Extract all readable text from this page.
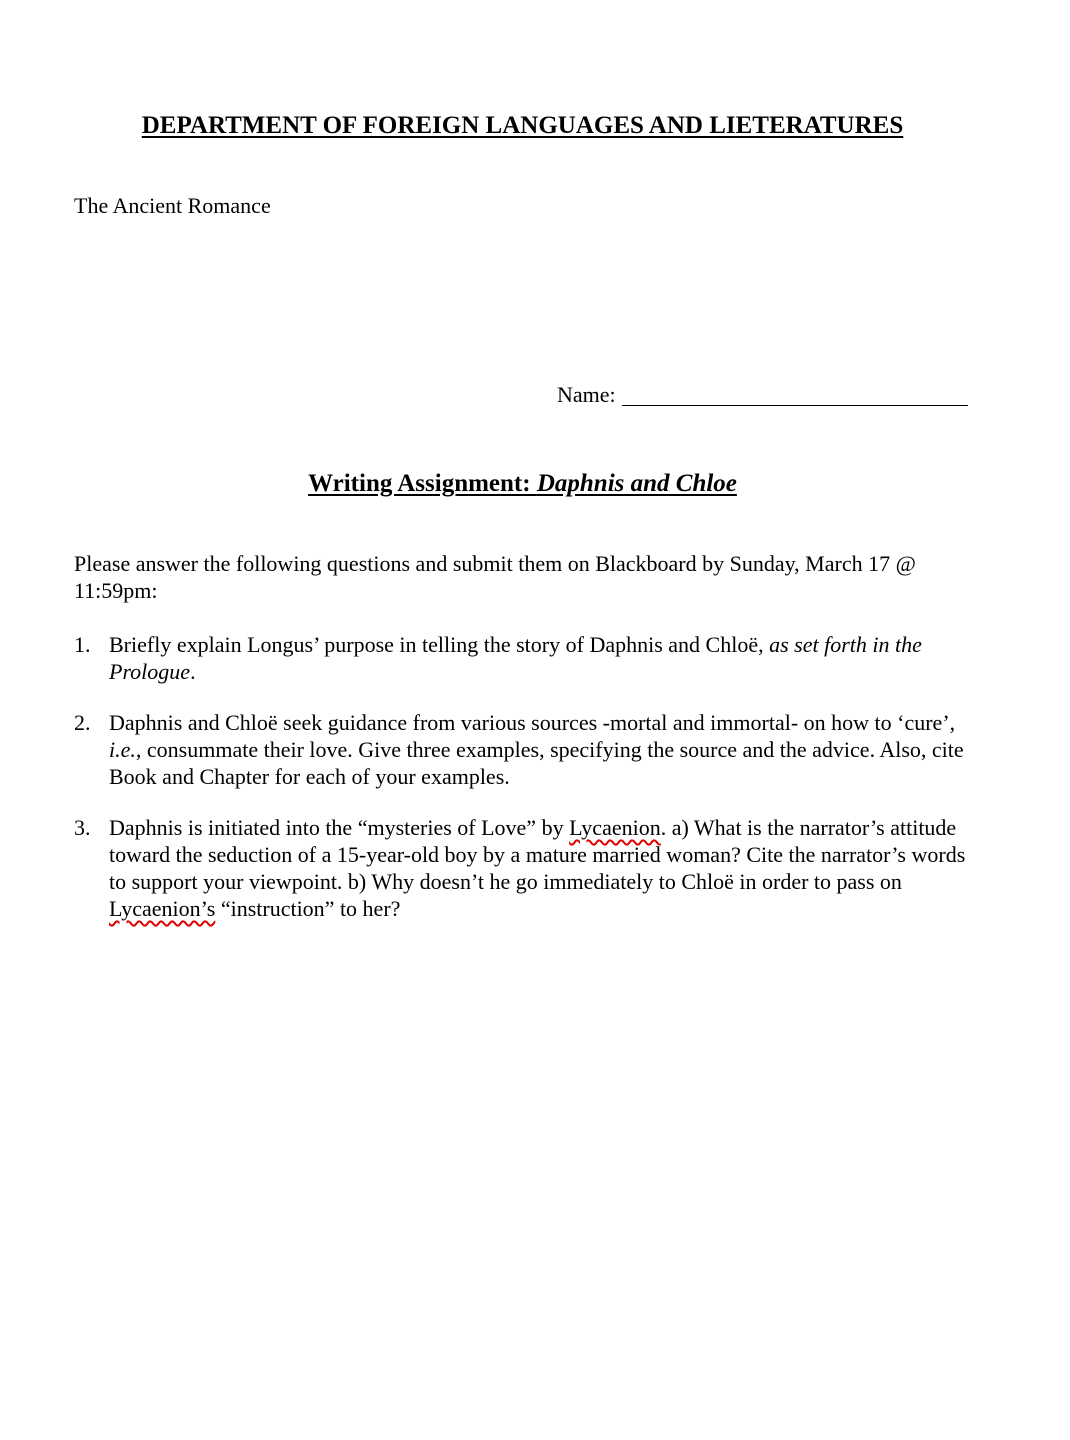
DEPARTMENT OF FOREIGN LANGUAGES AND LIETERATURES

The Ancient Romance

Name:

Writing Assignment: Daphnis and Chloe

Please answer the following questions and submit them on Blackboard by Sunday, March 17 @ 11:59pm:

1. Briefly explain Longus’ purpose in telling the story of Daphnis and Chloë, as set forth in the Prologue.
2. Daphnis and Chloë seek guidance from various sources -mortal and immortal- on how to ‘cure’, i.e., consummate their love. Give three examples, specifying the source and the advice. Also, cite Book and Chapter for each of your examples.
3. Daphnis is initiated into the “mysteries of Love” by Lycaenion. a) What is the narrator’s attitude toward the seduction of a 15-year-old boy by a mature married woman? Cite the narrator’s words to support your viewpoint. b) Why doesn’t he go immediately to Chloë in order to pass on Lycaenion’s “instruction” to her?
